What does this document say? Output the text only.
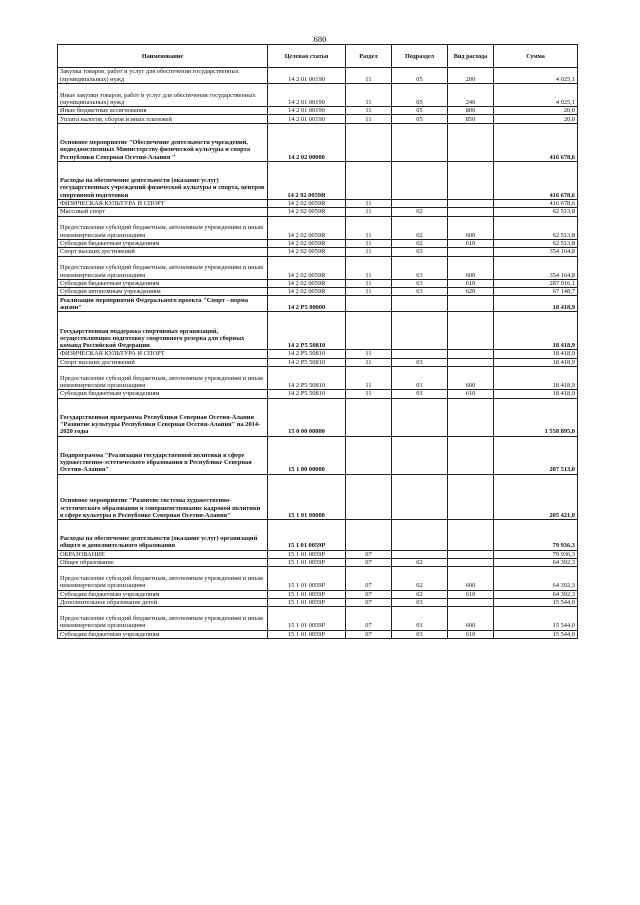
680
Наименование	Целевая статья	Раздел	Подраздел	Вид расхода	Сумма
Закупка товаров, работ и услуг для обеспечения государственных (муниципальных) нужд	14 2 01 00190	11	05	200	4 025,1
Иные закупки товаров, работ и услуг для обеспечения государственных (муниципальных) нужд	14 2 01 00190	11	05	240	4 025,1
Иные бюджетные ассигнования	14 2 01 00190	11	05	800	20,0
Уплата налогов, сборов и иных платежей	14 2 01 00190	11	05	850	20,0
Основное мероприятие "Обеспечение деятельности учреждений, подведомственных Министерству физической культуры и спорта Республики Северная Осетия-Алания "	14 2 02 00000				416 678,6
Расходы на обеспечение деятельности (оказание услуг) государственных учреждений физической культуры и спорта, центров спортивной подготовки	14 2 02 0059R				416 678,6
ФИЗИЧЕСКАЯ КУЛЬТУРА И СПОРТ	14 2 02 0059R	11			416 678,6
Массовый спорт	14 2 02 0059R	11	02		62 513,8
Предоставление субсидий бюджетным, автономным учреждениям и иным некоммерческим организациям	14 2 02 0059R	11	02	600	62 513,8
Субсидии бюджетным учреждениям	14 2 02 0059R	11	02	610	62 513,8
Спорт высших достижений	14 2 02 0059R	11	03		354 164,8
Предоставление субсидий бюджетным, автономным учреждениям и иным некоммерческим организациям	14 2 02 0059R	11	03	600	354 164,8
Субсидии бюджетным учреждениям	14 2 02 0059R	11	03	610	287 016,1
Субсидии автономным учреждениям	14 2 02 0059R	11	03	620	67 148,7
Реализация мероприятий Федерального проекта "Спорт - норма жизни"	14 2 P5 00000				18 418,9
Государственная поддержка спортивных организаций, осуществляющих подготовку спортивного резерва для сборных команд Российской Федерации	14 2 P5 50810				18 418,9
ФИЗИЧЕСКАЯ КУЛЬТУРА И СПОРТ	14 2 P5 50810	11			18 418,9
Спорт высших достижений	14 2 P5 50810	11	03		18 418,9
Предоставление субсидий бюджетным, автономным учреждениям и иным некоммерческим организациям	14 2 P5 50810	11	03	600	18 418,9
Субсидии бюджетным учреждениям	14 2 P5 50810	11	03	610	18 418,9
Государственная программа Республики Северная Осетия-Алания "Развитие культуры Республики Северная Осетия-Алания" на 2014-2020 годы	15 0 00 00000				1 558 895,0
Подпрограмма "Реализация государственной политики в сфере художественно-эстетического образования в Республике Северная Осетия-Алания"	15 1 00 00000				207 513,0
Основное мероприятие "Развитие системы художественно-эстетического образования и совершенствование кадровой политики в сфере культуры в Республике Северная Осетия-Алания"	15 1 01 00000				205 421,0
Расходы на обеспечение деятельности (оказание услуг) организаций общего и дополнительного образования	15 1 01 0059P				79 936,3
ОБРАЗОВАНИЕ	15 1 01 0059P	07			79 936,3
Общее образование	15 1 01 0059P	07	02		64 392,3
Предоставление субсидий бюджетным, автономным учреждениям и иным некоммерческим организациям	15 1 01 0059P	07	02	600	64 392,3
Субсидии бюджетным учреждениям	15 1 01 0059P	07	02	610	64 392,3
Дополнительное образование детей	15 1 01 0059P	07	03		15 544,0
Предоставление субсидий бюджетным, автономным учреждениям и иным некоммерческим организациям	15 1 01 0059P	07	03	600	15 544,0
Субсидии бюджетным учреждениям	15 1 01 0059P	07	03	610	15 544,0
